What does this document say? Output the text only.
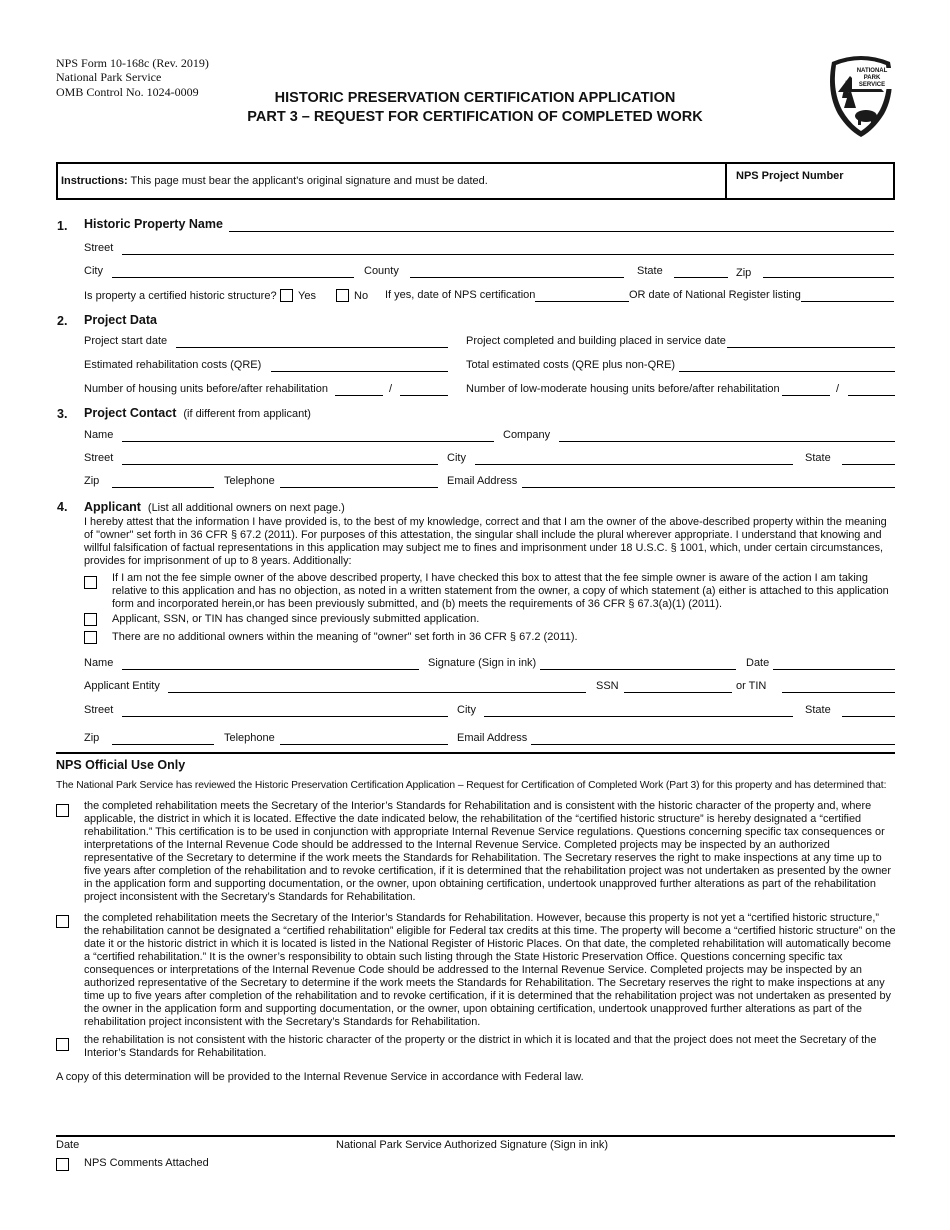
NPS Form 10-168c (Rev. 2019)
National Park Service
OMB Control No. 1024-0009	HISTORIC PRESERVATION CERTIFICATION APPLICATION
PART 3 – REQUEST FOR CERTIFICATION OF COMPLETED WORK
NATIONAL PARK SERVICE
Instructions: This page must bear the applicant's original signature and must be dated.	NPS Project Number
1. Historic Property Name
Street
City	County	State	Zip
Is property a certified historic structure? Yes	No If yes, date of NPS certification	OR date of National Register listing
2. Project Data
Project start date	Project completed and building placed in service date
Estimated rehabilitation costs (QRE)	Total estimated costs (QRE plus non-QRE)
Number of housing units before/after rehabilitation	/	Number of low-moderate housing units before/after rehabilitation	/
3. Project Contact (if different from applicant)
Name	Company
Street	City	State
Zip	Telephone	Email Address
4. Applicant (List all additional owners on next page.)
I hereby attest that the information I have provided is, to the best of my knowledge, correct and that I am the owner of the above-described property within the meaning of "owner" set forth in 36 CFR § 67.2 (2011). For purposes of this attestation, the singular shall include the plural wherever appropriate. I understand that knowing and willful falsification of factual representations in this application may subject me to fines and imprisonment under 18 U.S.C. § 1001, which, under certain circumstances, provides for imprisonment of up to 8 years. Additionally:
If I am not the fee simple owner of the above described property, I have checked this box to attest that the fee simple owner is aware of the action I am taking relative to this application and has no objection, as noted in a written statement from the owner, a copy of which statement (a) either is attached to this application form and incorporated herein,or has been previously submitted, and (b) meets the requirements of 36 CFR § 67.3(a)(1) (2011).
Applicant, SSN, or TIN has changed since previously submitted application.
There are no additional owners within the meaning of "owner" set forth in 36 CFR § 67.2 (2011).
Name	Signature (Sign in ink)	Date
Applicant Entity	SSN	or TIN
Street	City	State
Zip	Telephone	Email Address
NPS Official Use Only
The National Park Service has reviewed the Historic Preservation Certification Application – Request for Certification of Completed Work (Part 3) for this property and has determined that:
the completed rehabilitation meets the Secretary of the Interior’s Standards for Rehabilitation and is consistent with the historic character of the property and, where applicable, the district in which it is located. Effective the date indicated below, the rehabilitation of the “certified historic structure” is hereby designated a “certified rehabilitation.” This certification is to be used in conjunction with appropriate Internal Revenue Service regulations. Questions concerning specific tax consequences or interpretations of the Internal Revenue Code should be addressed to the Internal Revenue Service. Completed projects may be inspected by an authorized representative of the Secretary to determine if the work meets the Standards for Rehabilitation. The Secretary reserves the right to make inspections at any time up to five years after completion of the rehabilitation and to revoke certification, if it is determined that the rehabilitation project was not undertaken as presented by the owner in the application form and supporting documentation, or the owner, upon obtaining certification, undertook unapproved further alterations as part of the rehabilitation project inconsistent with the Secretary’s Standards for Rehabilitation.
the completed rehabilitation meets the Secretary of the Interior’s Standards for Rehabilitation. However, because this property is not yet a “certified historic structure,” the rehabilitation cannot be designated a “certified rehabilitation” eligible for Federal tax credits at this time. The property will become a “certified historic structure” on the date it or the historic district in which it is located is listed in the National Register of Historic Places. On that date, the completed rehabilitation will automatically become a “certified rehabilitation.” It is the owner’s responsibility to obtain such listing through the State Historic Preservation Office. Questions concerning specific tax consequences or interpretations of the Internal Revenue Code should be addressed to the Internal Revenue Service. Completed projects may be inspected by an authorized representative of the Secretary to determine if the work meets the Standards for Rehabilitation. The Secretary reserves the right to make inspections at any time up to five years after completion of the rehabilitation and to revoke certification, if it is determined that the rehabilitation project was not undertaken as presented by the owner in the application form and supporting documentation, or the owner, upon obtaining certification, undertook unapproved further alterations as part of the rehabilitation project inconsistent with the Secretary’s Standards for Rehabilitation.
the rehabilitation is not consistent with the historic character of the property or the district in which it is located and that the project does not meet the Secretary of the Interior’s Standards for Rehabilitation.
A copy of this determination will be provided to the Internal Revenue Service in accordance with Federal law.
Date	National Park Service Authorized Signature (Sign in ink)
NPS Comments Attached
